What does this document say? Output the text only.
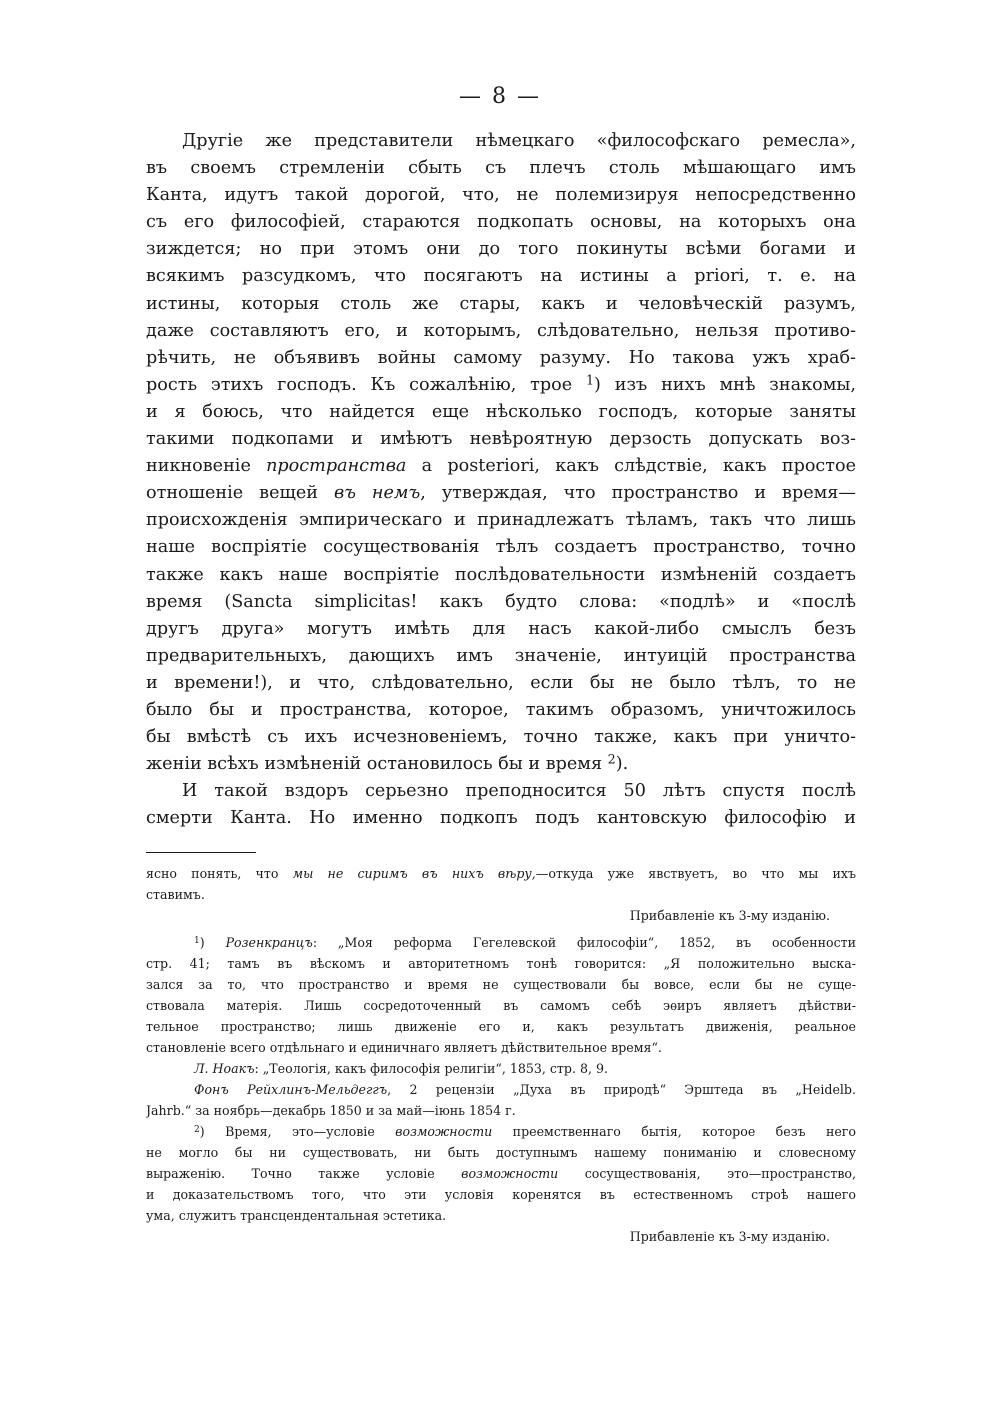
— 8 —
Другіе же представители нѣмецкаго «философскаго ремесла»,
въ своемъ стремленіи сбыть съ плечъ столь мѣшающаго имъ
Канта, идутъ такой дорогой, что, не полемизируя непосредственно
съ его философіей, стараются подкопать основы, на которыхъ она
зиждется; но при этомъ они до того покинуты всѣми богами и
всякимъ разсудкомъ, что посягаютъ на истины a priori, т. е. на
истины, которыя столь же стары, какъ и человѣческій разумъ,
даже составляютъ его, и которымъ, слѣдовательно, нельзя противо-
рѣчить, не объявивъ войны самому разуму. Но такова ужъ храб-
рость этихъ господъ. Къ сожалѣнію, трое $^1$) изъ нихъ мнѣ знакомы,
и я боюсь, что найдется еще нѣсколько господъ, которые заняты
такими подкопами и имѣютъ невѣроятную дерзость допускать воз-
никновеніе пространства a posteriori, какъ слѣдствіе, какъ простое
отношеніе вещей въ немъ, утверждая, что пространство и время—
происхожденія эмпирическаго и принадлежатъ тѣламъ, такъ что лишь
наше воспріятіе сосуществованія тѣлъ создаетъ пространство, точно
также какъ наше воспріятіе послѣдовательности измѣненій создаетъ
время (Sancta simplicitas! какъ будто слова: «подлѣ» и «послѣ
другъ друга» могутъ имѣть для насъ какой-либо смыслъ безъ
предварительныхъ, дающихъ имъ значеніе, интуицій пространства
и времени!), и что, слѣдовательно, если бы не было тѣлъ, то не
было бы и пространства, которое, такимъ образомъ, уничтожилось
бы вмѣстѣ съ ихъ исчезновеніемъ, точно также, какъ при уничто-
женіи всѣхъ измѣненій остановилось бы и время $^2$).
И такой вздоръ серьезно преподносится 50 лѣтъ спустя послѣ
смерти Канта. Но именно подкопъ подъ кантовскую философію и
ясно понять, что мы не сиримъ въ нихъ вѣру,—откуда уже явствуетъ, во что мы ихъ
ставимъ.
Прибавленіе къ 3-му изданію.
$^1$) Розенкранцъ: „Моя реформа Гегелевской философіи“, 1852, въ особенности
стр. 41; тамъ въ вѣскомъ и авторитетномъ тонѣ говорится: „Я положительно выска-
зался за то, что пространство и время не существовали бы вовсе, если бы не суще-
ствовала матерія. Лишь сосредоточенный въ самомъ себѣ эѳиръ являетъ дѣйстви-
тельное пространство; лишь движеніе его и, какъ результатъ движенія, реальное
становленіе всего отдѣльнаго и единичнаго являетъ дѣйствительное время“.
Л. Ноакъ: „Теологія, какъ философія религіи“, 1853, стр. 8, 9.
Фонъ Рейхлинъ-Мельдеггъ, 2 рецензіи „Духа въ природѣ“ Эрштеда въ „Heidelb.
Jahrb.“ за ноябрь—декабрь 1850 и за май—іюнь 1854 г.
$^2$) Время, это—условіе возможности преемственнаго бытія, которое безъ него
не могло бы ни существовать, ни быть доступнымъ нашему пониманію и словесному
выраженію. Точно также условіе возможности сосуществованія, это—пространство,
и доказательствомъ того, что эти условія коренятся въ естественномъ строѣ нашего
ума, служитъ трансцендентальная эстетика.
Прибавленіе къ 3-му изданію.
